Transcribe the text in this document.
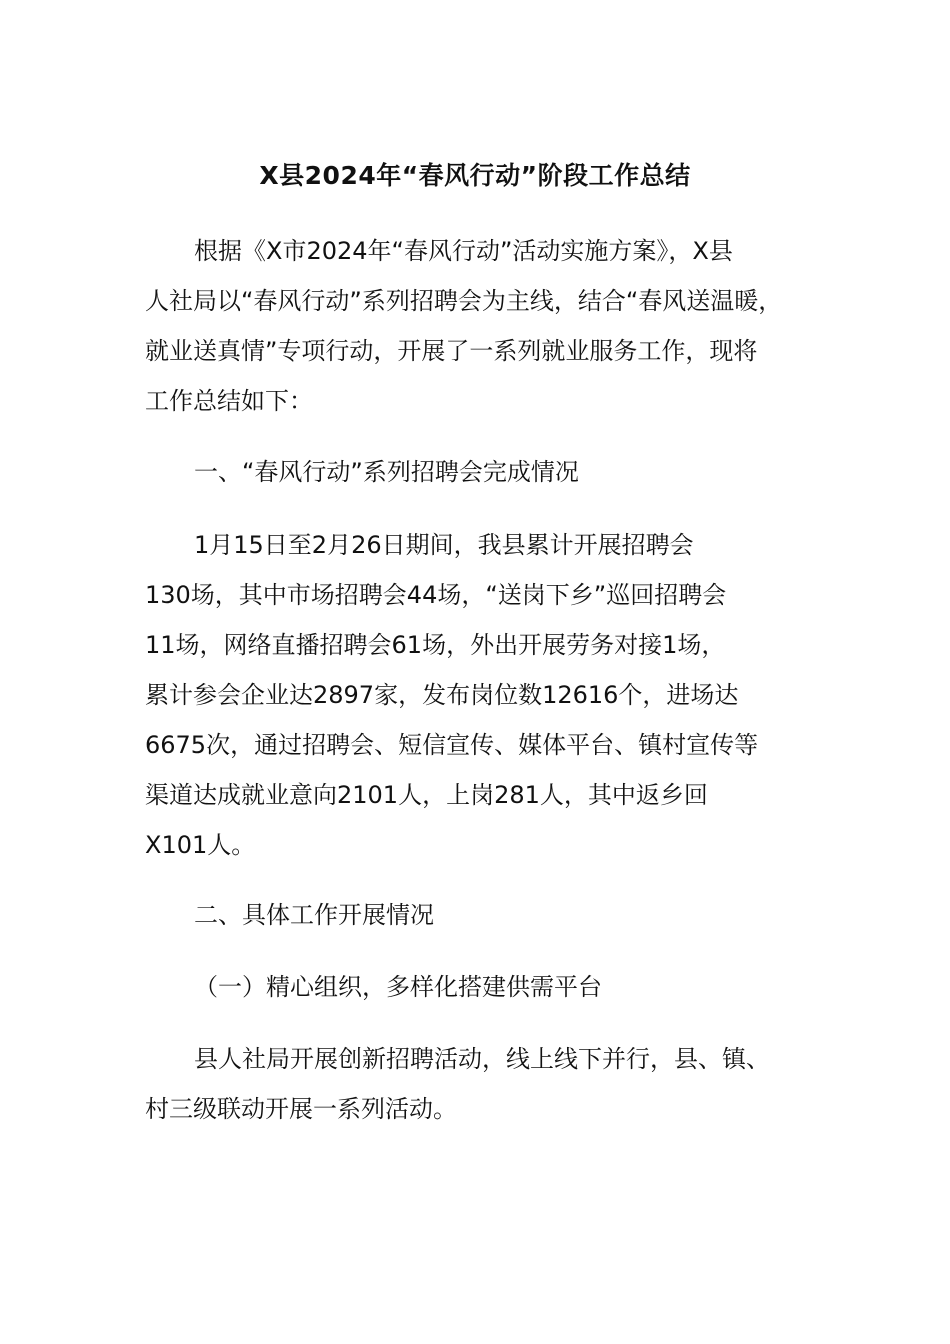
X县2024年“春风行动”阶段工作总结
根据《X市2024年“春风行动”活动实施方案》，X县
人社局以“春风行动”系列招聘会为主线，结合“春风送温暖，
就业送真情”专项行动，开展了一系列就业服务工作，现将
工作总结如下：
一、“春风行动”系列招聘会完成情况
1月15日至2月26日期间，我县累计开展招聘会
130场，其中市场招聘会44场，“送岗下乡”巡回招聘会
11场，网络直播招聘会61场，外出开展劳务对接1场，
累计参会企业达2897家，发布岗位数12616个，进场达
6675次，通过招聘会、短信宣传、媒体平台、镇村宣传等
渠道达成就业意向2101人，上岗281人，其中返乡回
X101人。
二、具体工作开展情况
（一）精心组织，多样化搭建供需平台
县人社局开展创新招聘活动，线上线下并行，县、镇、
村三级联动开展一系列活动。
